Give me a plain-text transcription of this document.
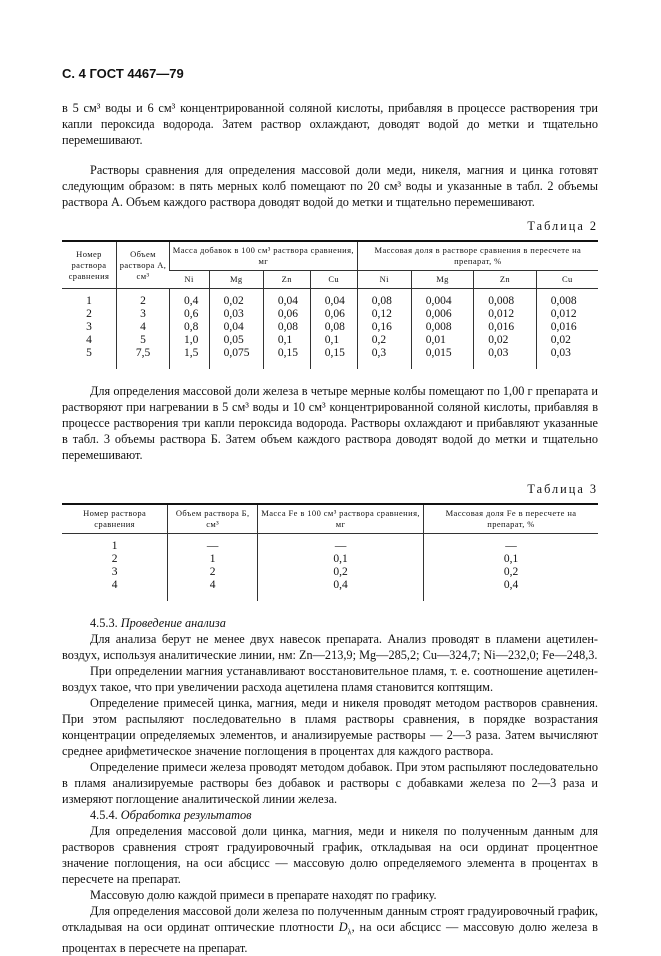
С. 4 ГОСТ 4467—79

в 5 см³ воды и 6 см³ концентрированной соляной кислоты, прибавляя в процессе растворения три капли пероксида водорода. Затем раствор охлаждают, доводят водой до метки и тщательно перемешивают.

Растворы сравнения для определения массовой доли меди, никеля, магния и цинка готовят следующим образом: в пять мерных колб помещают по 20 см³ воды и указанные в табл. 2 объемы раствора А. Объем каждого раствора доводят водой до метки и тщательно перемешивают.

Таблица 2
Номер раствора сравнения	Объем раствора А, см³	Масса добавок в 100 см³ раствора сравнения, мг				Массовая доля в растворе сравнения в пересчете на препарат, %			
		Ni	Mg	Zn	Cu	Ni	Mg	Zn	Cu
1	2	0,4	0,02	0,04	0,04	0,08	0,004	0,008	0,008
2	3	0,6	0,03	0,06	0,06	0,12	0,006	0,012	0,012
3	4	0,8	0,04	0,08	0,08	0,16	0,008	0,016	0,016
4	5	1,0	0,05	0,1	0,1	0,2	0,01	0,02	0,02
5	7,5	1,5	0,075	0,15	0,15	0,3	0,015	0,03	0,03

Для определения массовой доли железа в четыре мерные колбы помещают по 1,00 г препарата и растворяют при нагревании в 5 см³ воды и 10 см³ концентрированной соляной кислоты, прибавляя в процессе растворения три капли пероксида водорода. Растворы охлаждают и прибавляют указанные в табл. 3 объемы раствора Б. Затем объем каждого раствора доводят водой до метки и тщательно перемешивают.

Таблица 3
Номер раствора сравнения	Объем раствора Б, см³	Масса Fe в 100 см³ раствора сравнения, мг	Массовая доля Fe в пересчете на препарат, %
1	—	—	—
2	1	0,1	0,1
3	2	0,2	0,2
4	4	0,4	0,4

4.5.3. Проведение анализа

Для анализа берут не менее двух навесок препарата. Анализ проводят в пламени ацетилен-воздух, используя аналитические линии, нм: Zn—213,9; Mg—285,2; Cu—324,7; Ni—232,0; Fe—248,3.

При определении магния устанавливают восстановительное пламя, т. е. соотношение ацетилен-воздух такое, что при увеличении расхода ацетилена пламя становится коптящим.

Определение примесей цинка, магния, меди и никеля проводят методом растворов сравнения. При этом распыляют последовательно в пламя растворы сравнения, в порядке возрастания концентрации определяемых элементов, и анализируемые растворы — 2—3 раза. Затем вычисляют среднее арифметическое значение поглощения в процентах для каждого раствора.

Определение примеси железа проводят методом добавок. При этом распыляют последовательно в пламя анализируемые растворы без добавок и растворы с добавками железа по 2—3 раза и измеряют поглощение аналитической линии железа.

4.5.4. Обработка результатов

Для определения массовой доли цинка, магния, меди и никеля по полученным данным для растворов сравнения строят градуировочный график, откладывая на оси ординат процентное значение поглощения, на оси абсцисс — массовую долю определяемого элемента в процентах в пересчете на препарат.

Массовую долю каждой примеси в препарате находят по графику.

Для определения массовой доли железа по полученным данным строят градуировочный график, откладывая на оси ординат оптические плотности $D_\lambda$, на оси абсцисс — массовую долю железа в процентах в пересчете на препарат.
